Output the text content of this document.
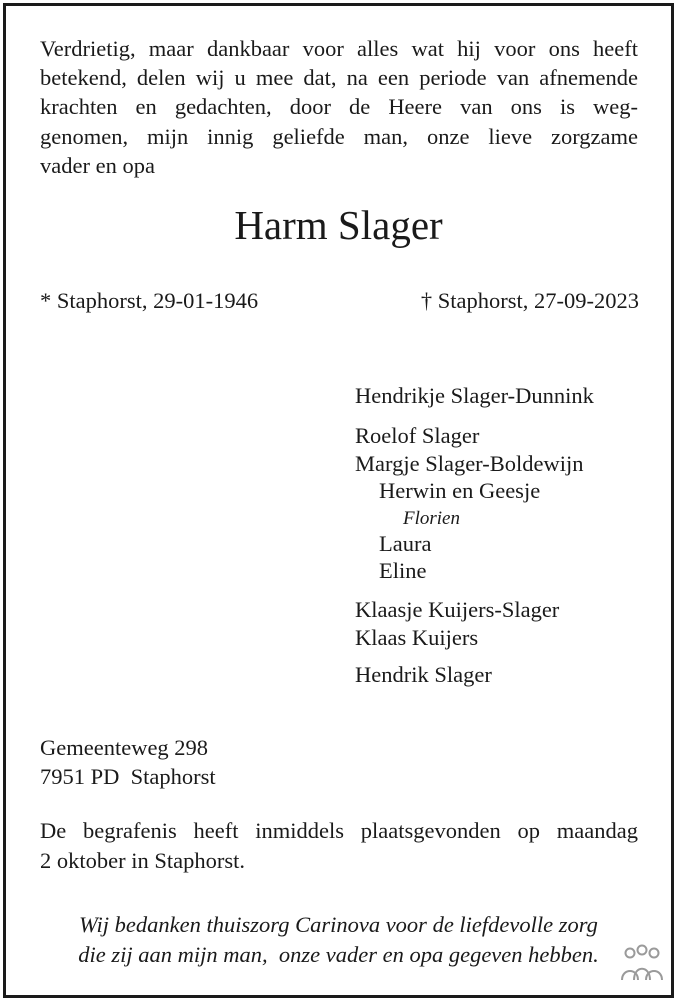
Verdrietig, maar dankbaar voor alles wat hij voor ons heeft
betekend, delen wij u mee dat, na een periode van afnemende
krachten en gedachten, door de Heere van ons is weg-
genomen, mijn innig geliefde man, onze lieve zorgzame
vader en opa
Harm Slager
* Staphorst, 29-01-1946	† Staphorst, 27-09-2023
Hendrikje Slager-Dunnink
Roelof Slager
Margje Slager-Boldewijn
Herwin en Geesje
Florien
Laura
Eline
Klaasje Kuijers-Slager
Klaas Kuijers
Hendrik Slager
Gemeenteweg 298
7951 PD  Staphorst
De begrafenis heeft inmiddels plaatsgevonden op maandag
2 oktober in Staphorst.
Wij bedanken thuiszorg Carinova voor de liefdevolle zorg
die zij aan mijn man,  onze vader en opa gegeven hebben.
